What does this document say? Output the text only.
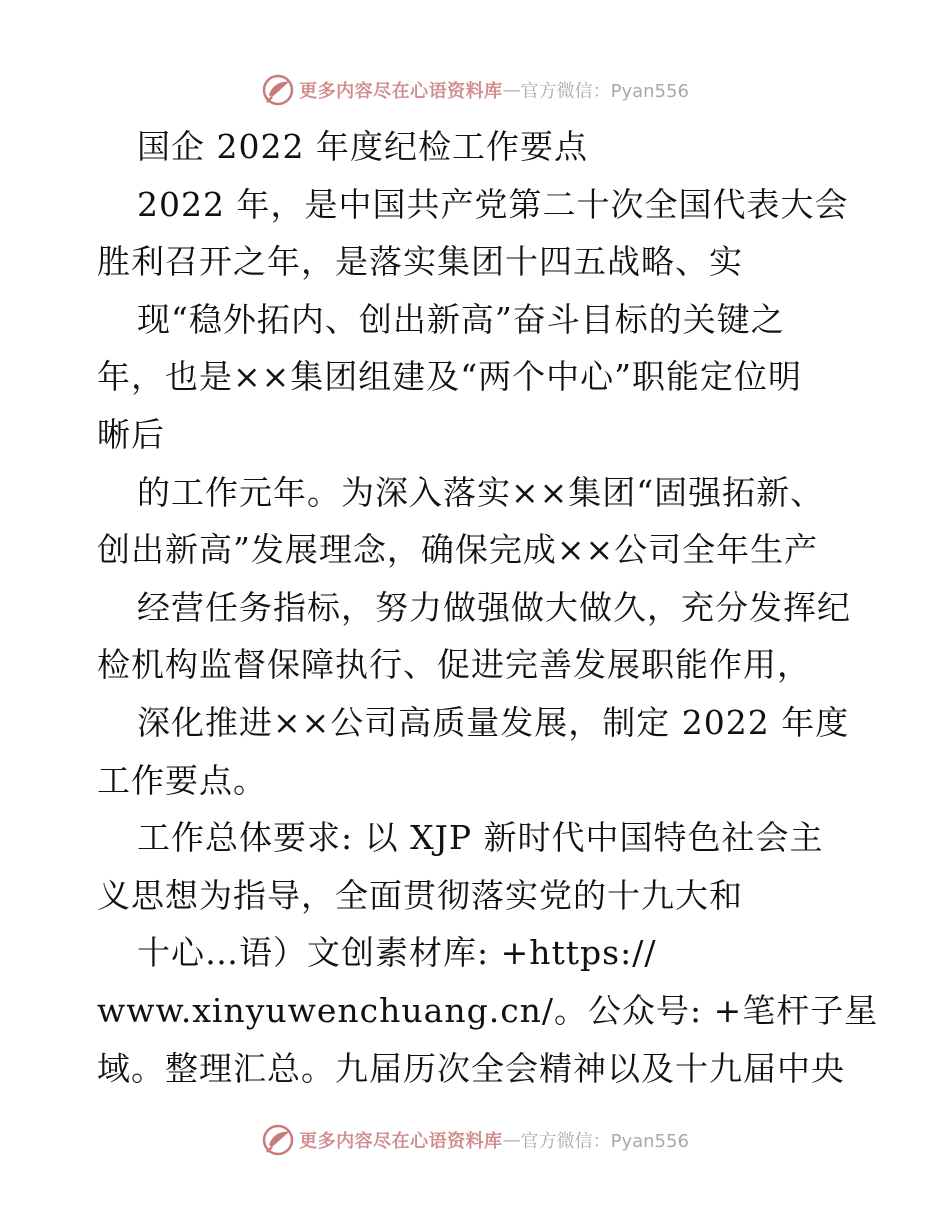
更多内容尽在心语资料库 — 官方微信：Pyan556
国企 2022 年度纪检工作要点
2022 年，是中国共产党第二十次全国代表大会
胜利召开之年，是落实集团十四五战略、实
现“稳外拓内、创出新高”奋斗目标的关键之
年，也是××集团组建及“两个中心”职能定位明
晰后
的工作元年。为深入落实××集团“固强拓新、
创出新高”发展理念，确保完成××公司全年生产
经营任务指标，努力做强做大做久，充分发挥纪
检机构监督保障执行、促进完善发展职能作用，
深化推进××公司高质量发展，制定 2022 年度
工作要点。
工作总体要求: 以 XJP 新时代中国特色社会主
义思想为指导，全面贯彻落实党的十九大和
十心…语）文创素材库: +https://
www.xinyuwenchuang.cn/。公众号: +笔杆子星
域。整理汇总。九届历次全会精神以及十九届中央
更多内容尽在心语资料库 — 官方微信：Pyan556
